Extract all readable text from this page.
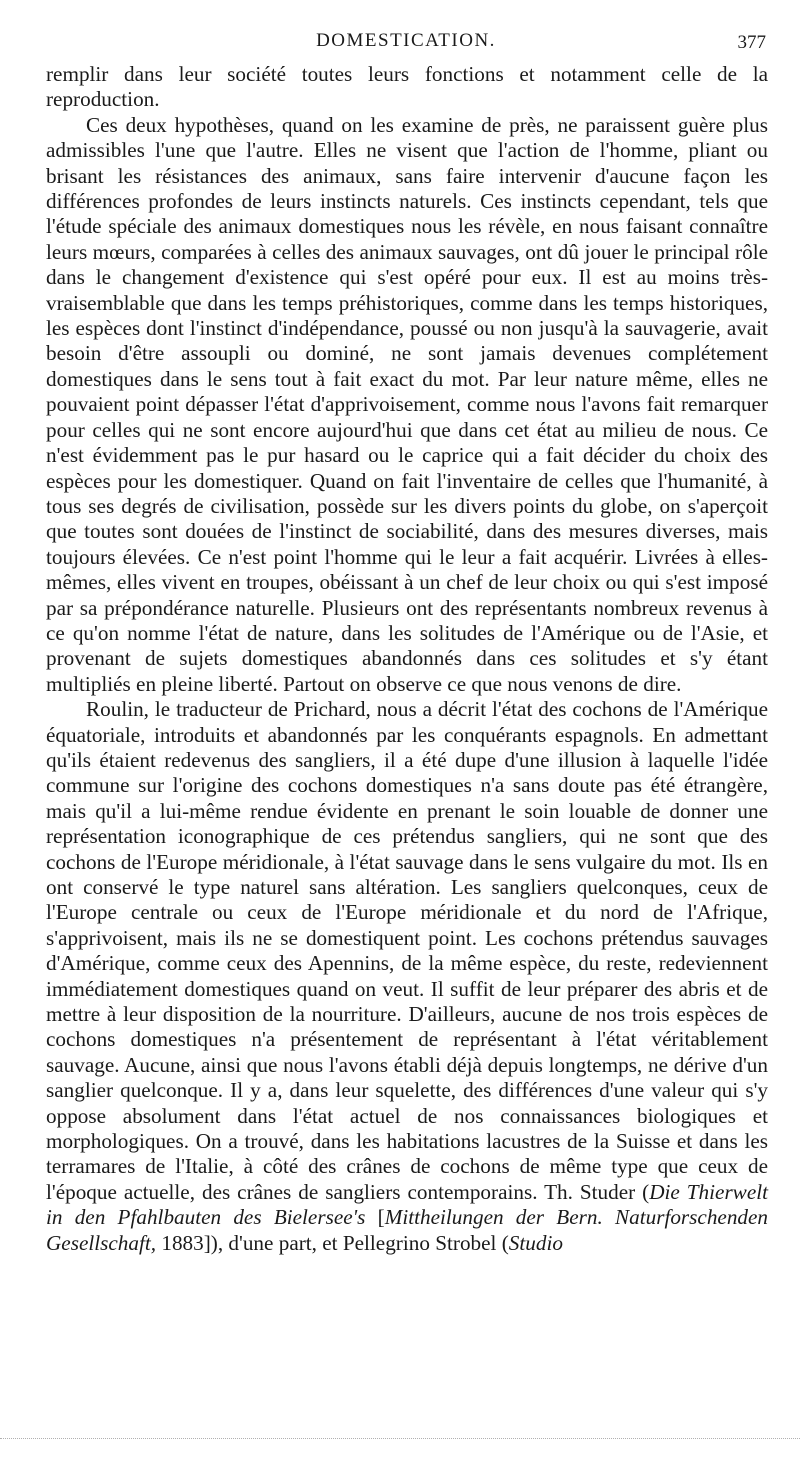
DOMESTICATION.	377

remplir dans leur société toutes leurs fonctions et notamment celle de la reproduction.

Ces deux hypothèses, quand on les examine de près, ne paraissent guère plus admissibles l'une que l'autre. Elles ne visent que l'action de l'homme, pliant ou brisant les résistances des animaux, sans faire intervenir d'aucune façon les différences profondes de leurs instincts naturels. Ces instincts cependant, tels que l'étude spéciale des animaux domestiques nous les révèle, en nous faisant connaître leurs mœurs, comparées à celles des animaux sauvages, ont dû jouer le principal rôle dans le changement d'existence qui s'est opéré pour eux. Il est au moins très-vraisemblable que dans les temps préhistoriques, comme dans les temps historiques, les espèces dont l'instinct d'indépendance, poussé ou non jusqu'à la sauvagerie, avait besoin d'être assoupli ou dominé, ne sont jamais devenues complétement domestiques dans le sens tout à fait exact du mot. Par leur nature même, elles ne pouvaient point dépasser l'état d'apprivoisement, comme nous l'avons fait remarquer pour celles qui ne sont encore aujourd'hui que dans cet état au milieu de nous. Ce n'est évidemment pas le pur hasard ou le caprice qui a fait décider du choix des espèces pour les domestiquer. Quand on fait l'inventaire de celles que l'humanité, à tous ses degrés de civilisation, possède sur les divers points du globe, on s'aperçoit que toutes sont douées de l'instinct de sociabilité, dans des mesures diverses, mais toujours élevées. Ce n'est point l'homme qui le leur a fait acquérir. Livrées à elles-mêmes, elles vivent en troupes, obéissant à un chef de leur choix ou qui s'est imposé par sa prépondérance naturelle. Plusieurs ont des représentants nombreux revenus à ce qu'on nomme l'état de nature, dans les solitudes de l'Amérique ou de l'Asie, et provenant de sujets domestiques abandonnés dans ces solitudes et s'y étant multipliés en pleine liberté. Partout on observe ce que nous venons de dire.

Roulin, le traducteur de Prichard, nous a décrit l'état des cochons de l'Amérique équatoriale, introduits et abandonnés par les conquérants espagnols. En admettant qu'ils étaient redevenus des sangliers, il a été dupe d'une illusion à laquelle l'idée commune sur l'origine des cochons domestiques n'a sans doute pas été étrangère, mais qu'il a lui-même rendue évidente en prenant le soin louable de donner une représentation iconographique de ces prétendus sangliers, qui ne sont que des cochons de l'Europe méridionale, à l'état sauvage dans le sens vulgaire du mot. Ils en ont conservé le type naturel sans altération. Les sangliers quelconques, ceux de l'Europe centrale ou ceux de l'Europe méridionale et du nord de l'Afrique, s'apprivoisent, mais ils ne se domestiquent point. Les cochons prétendus sauvages d'Amérique, comme ceux des Apennins, de la même espèce, du reste, redeviennent immédiatement domestiques quand on veut. Il suffit de leur préparer des abris et de mettre à leur disposition de la nourriture. D'ailleurs, aucune de nos trois espèces de cochons domestiques n'a présentement de représentant à l'état véritablement sauvage. Aucune, ainsi que nous l'avons établi déjà depuis longtemps, ne dérive d'un sanglier quelconque. Il y a, dans leur squelette, des différences d'une valeur qui s'y oppose absolument dans l'état actuel de nos connaissances biologiques et morphologiques. On a trouvé, dans les habitations lacustres de la Suisse et dans les terramares de l'Italie, à côté des crânes de cochons de même type que ceux de l'époque actuelle, des crânes de sangliers contemporains. Th. Studer (Die Thierwelt in den Pfahlbauten des Bielersee's [Mittheilungen der Bern. Naturforschenden Gesellschaft, 1883]), d'une part, et Pellegrino Strobel (Studio
